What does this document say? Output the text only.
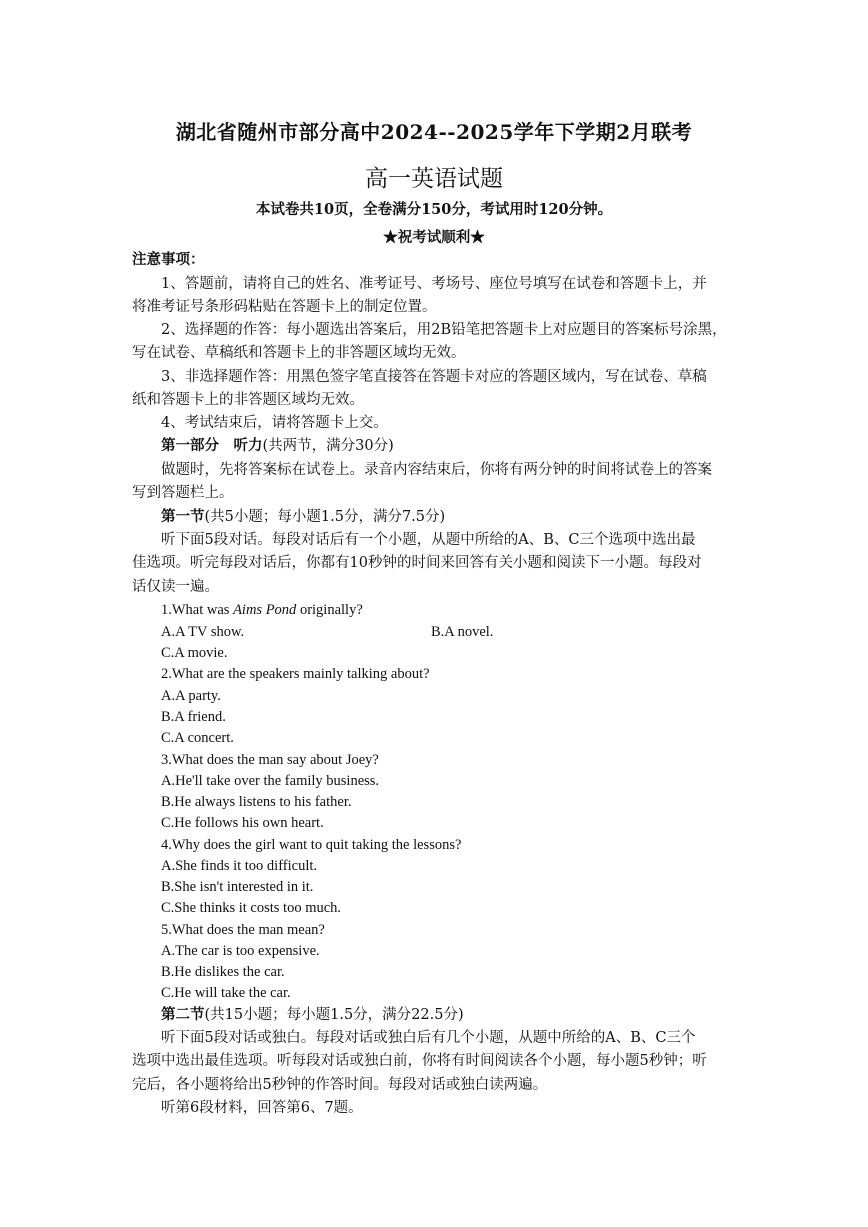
湖北省随州市部分高中2024--2025学年下学期2月联考
高一英语试题
本试卷共10页，全卷满分150分，考试用时120分钟。
★祝考试顺利★
注意事项：
1、答题前，请将自己的姓名、准考证号、考场号、座位号填写在试卷和答题卡上，并
将准考证号条形码粘贴在答题卡上的制定位置。
2、选择题的作答：每小题选出答案后，用2B铅笔把答题卡上对应题目的答案标号涂黑，
写在试卷、草稿纸和答题卡上的非答题区域均无效。
3、非选择题作答：用黑色签字笔直接答在答题卡对应的答题区域内，写在试卷、草稿
纸和答题卡上的非答题区域均无效。
4、考试结束后，请将答题卡上交。
第一部分　听力(共两节，满分30分)
做题时，先将答案标在试卷上。录音内容结束后，你将有两分钟的时间将试卷上的答案
写到答题栏上。
第一节(共5小题；每小题1.5分，满分7.5分)
听下面5段对话。每段对话后有一个小题，从题中所给的A、B、C三个选项中选出最
佳选项。听完每段对话后，你都有10秒钟的时间来回答有关小题和阅读下一小题。每段对
话仅读一遍。
1.What was Aims Pond originally?
A.A TV show.	B.A novel.
C.A movie.
2.What are the speakers mainly talking about?
A.A party.
B.A friend.
C.A concert.
3.What does the man say about Joey?
A.He'll take over the family business.
B.He always listens to his father.
C.He follows his own heart.
4.Why does the girl want to quit taking the lessons?
A.She finds it too difficult.
B.She isn't interested in it.
C.She thinks it costs too much.
5.What does the man mean?
A.The car is too expensive.
B.He dislikes the car.
C.He will take the car.
第二节(共15小题；每小题1.5分，满分22.5分)
听下面5段对话或独白。每段对话或独白后有几个小题，从题中所给的A、B、C三个
选项中选出最佳选项。听每段对话或独白前，你将有时间阅读各个小题，每小题5秒钟；听
完后，各小题将给出5秒钟的作答时间。每段对话或独白读两遍。
听第6段材料，回答第6、7题。
